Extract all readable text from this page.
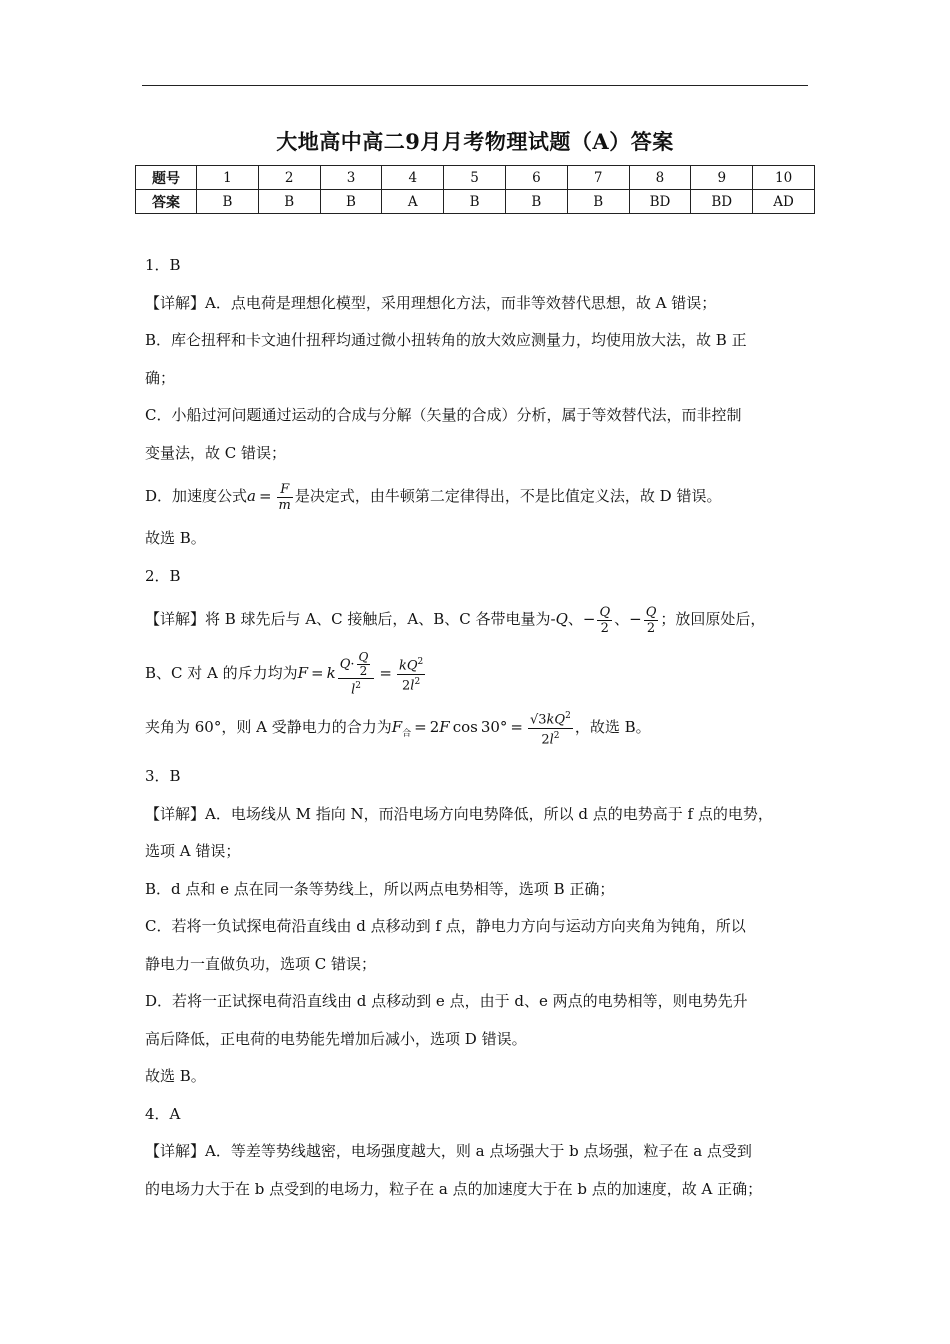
大地高中高二9月月考物理试题（A）答案
题号	1	2	3	4	5	6	7	8	9	10
答案	B	B	B	A	B	B	B	BD	BD	AD

1．B

【详解】A．点电荷是理想化模型，采用理想化方法，而非等效替代思想，故 A 错误；

B．库仑扭秤和卡文迪什扭秤均通过微小扭转角的放大效应测量力，均使用放大法，故 B 正

确；

C．小船过河问题通过运动的合成与分解（矢量的合成）分析，属于等效替代法，而非控制

变量法，故 C 错误；

D．加速度公式$a = \frac{F}{m}$ 是决定式，由牛顿第二定律得出，不是比值定义法，故 D 错误。

故选 B。

2．B

【详解】将 B 球先后与 A、C 接触后，A、B、C 各带电量为-Q、− $\frac{Q}{2}$ 、− $\frac{Q}{2}$ ；放回原处后，

B、C 对 A 的斥力均为F = k $\frac{Q\cdot \frac{Q}{2}}{l^2} = \frac{kQ^2}{2l^2}$

夹角为 60°，则 A 受静电力的合力为$F_合 = 2F$ $\cos 30^\circ = \frac{√3kQ^2}{2l^2}$ ，故选 B。

3．B

【详解】A．电场线从 M 指向 N，而沿电场方向电势降低，所以 d 点的电势高于 f 点的电势，

选项 A 错误；

B．d 点和 e 点在同一条等势线上，所以两点电势相等，选项 B 正确；

C．若将一负试探电荷沿直线由 d 点移动到 f 点，静电力方向与运动方向夹角为钝角，所以

静电力一直做负功，选项 C 错误；

D．若将一正试探电荷沿直线由 d 点移动到 e 点，由于 d、e 两点的电势相等，则电势先升

高后降低，正电荷的电势能先增加后减小，选项 D 错误。

故选 B。

4．A

【详解】A．等差等势线越密，电场强度越大，则 a 点场强大于 b 点场强，粒子在 a 点受到

的电场力大于在 b 点受到的电场力，粒子在 a 点的加速度大于在 b 点的加速度，故 A 正确；
